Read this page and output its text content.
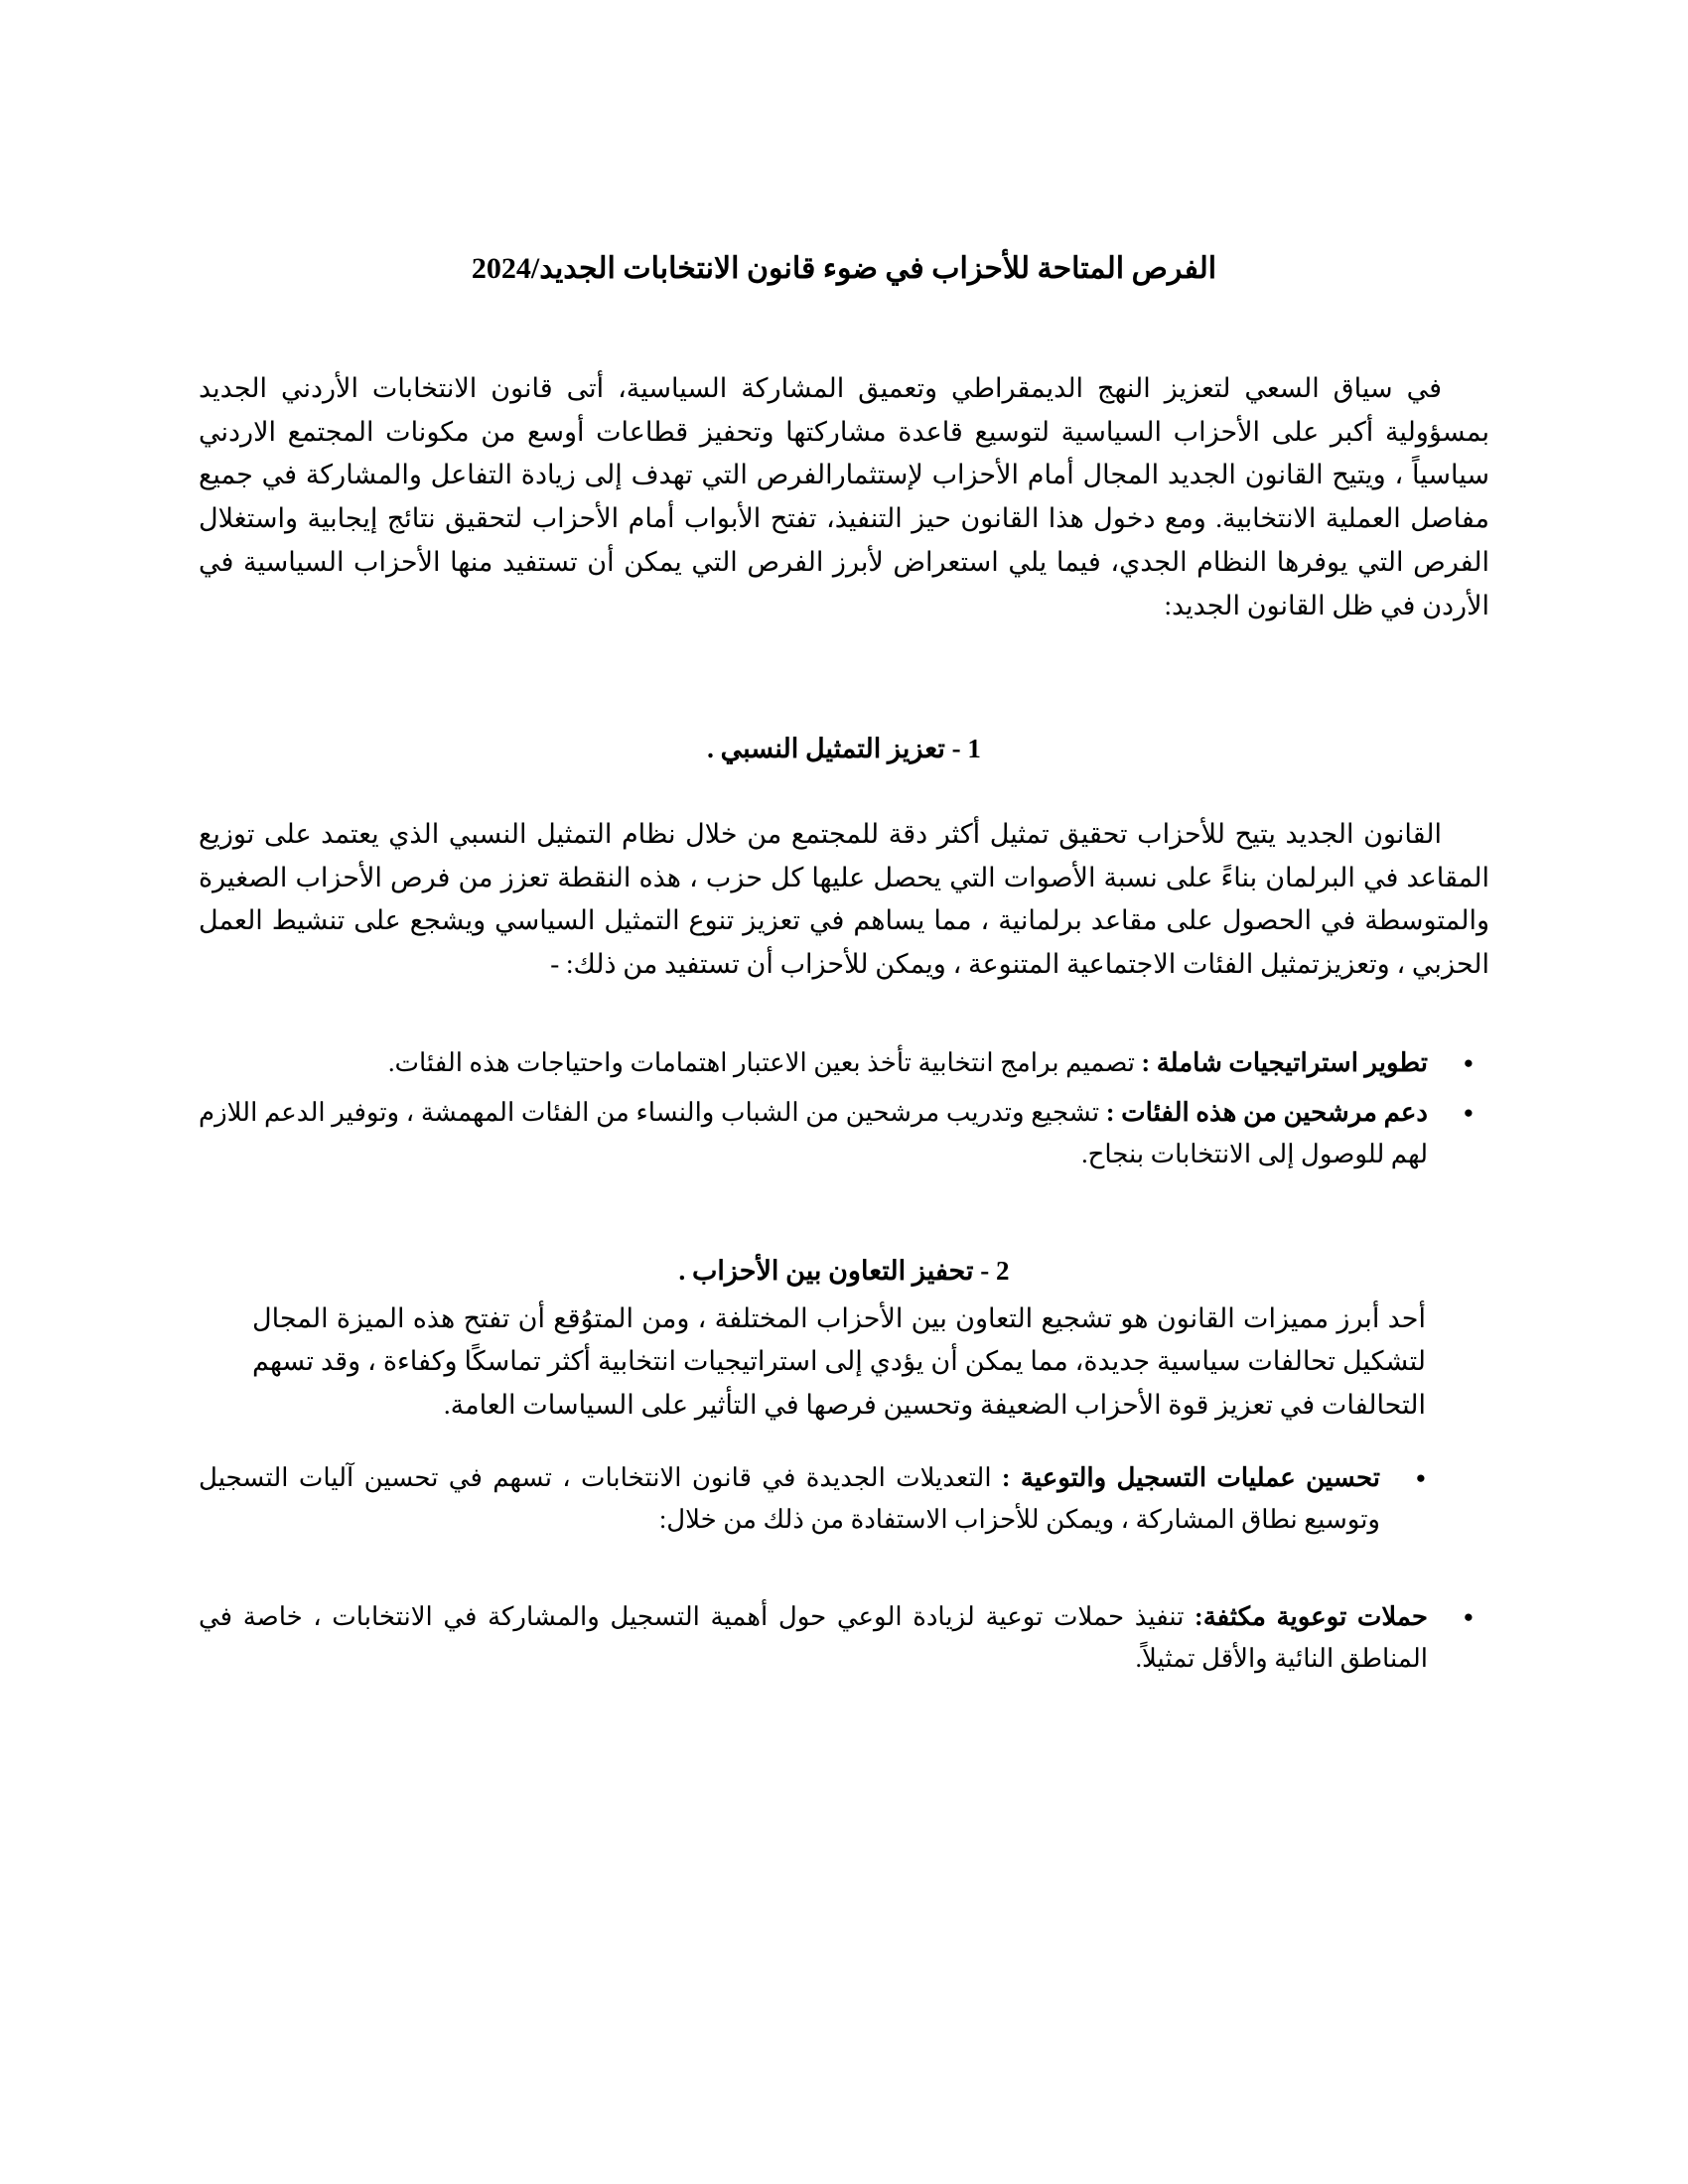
الفرص المتاحة للأحزاب في ضوء قانون الانتخابات الجديد/2024

في سياق السعي لتعزيز النهج الديمقراطي وتعميق المشاركة السياسية، أتى قانون الانتخابات الأردني الجديد بمسؤولية أكبر على الأحزاب السياسية لتوسيع قاعدة مشاركتها وتحفيز قطاعات أوسع من مكونات المجتمع الاردني سياسياً ، ويتيح القانون الجديد المجال أمام الأحزاب لإستثمارالفرص التي تهدف إلى زيادة التفاعل والمشاركة في جميع مفاصل العملية الانتخابية. ومع دخول هذا القانون حيز التنفيذ، تفتح الأبواب أمام الأحزاب لتحقيق نتائج إيجابية واستغلال الفرص التي يوفرها النظام الجدي، فيما يلي استعراض لأبرز الفرص التي يمكن أن تستفيد منها الأحزاب السياسية في الأردن في ظل القانون الجديد:

1 - تعزيز التمثيل النسبي .

القانون الجديد يتيح للأحزاب تحقيق تمثيل أكثر دقة للمجتمع من خلال نظام التمثيل النسبي الذي يعتمد على توزيع المقاعد في البرلمان بناءً على نسبة الأصوات التي يحصل عليها كل حزب ، هذه النقطة تعزز من فرص الأحزاب الصغيرة والمتوسطة في الحصول على مقاعد برلمانية ، مما يساهم في تعزيز تنوع التمثيل السياسي ويشجع على تنشيط العمل الحزبي ، وتعزيزتمثيل الفئات الاجتماعية المتنوعة ، ويمكن للأحزاب أن تستفيد من ذلك: -

● تطوير استراتيجيات شاملة : تصميم برامج انتخابية تأخذ بعين الاعتبار اهتمامات واحتياجات هذه الفئات.
● دعم مرشحين من هذه الفئات : تشجيع وتدريب مرشحين من الشباب والنساء من الفئات المهمشة ، وتوفير الدعم اللازم لهم للوصول إلى الانتخابات بنجاح.
2 - تحفيز التعاون بين الأحزاب .

أحد أبرز مميزات القانون هو تشجيع التعاون بين الأحزاب المختلفة ، ومن المتوُقع أن تفتح هذه الميزة المجال لتشكيل تحالفات سياسية جديدة، مما يمكن أن يؤدي إلى استراتيجيات انتخابية أكثر تماسكًا وكفاءة ، وقد تسهم التحالفات في تعزيز قوة الأحزاب الضعيفة وتحسين فرصها في التأثير على السياسات العامة.

● تحسين عمليات التسجيل والتوعية : التعديلات الجديدة في قانون الانتخابات ، تسهم في تحسين آليات التسجيل وتوسيع نطاق المشاركة ، ويمكن للأحزاب الاستفادة من ذلك من خلال:
● حملات توعوية مكثفة: تنفيذ حملات توعية لزيادة الوعي حول أهمية التسجيل والمشاركة في الانتخابات ، خاصة في المناطق النائية والأقل تمثيلاً.
